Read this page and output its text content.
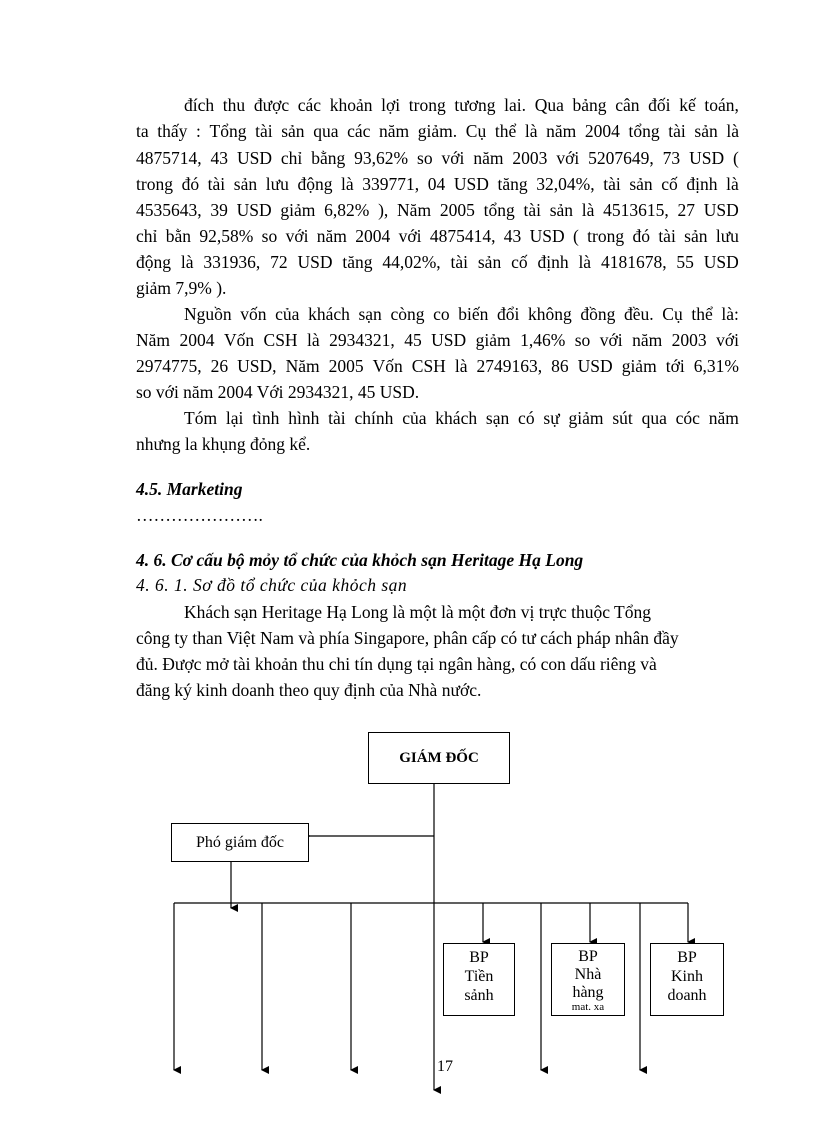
đích thu được các khoản lợi trong tương lai. Qua bảng cân đối kế toán,
ta thấy : Tổng tài sản qua các năm giảm. Cụ thể là năm 2004 tổng tài sản là
4875714, 43 USD chỉ bằng 93,62% so với năm 2003 với 5207649, 73 USD (
trong đó tài sản lưu động là 339771, 04 USD tăng 32,04%, tài sản cố định là
4535643, 39 USD giảm 6,82% ), Năm 2005 tổng tài sản là 4513615, 27 USD
chỉ bằn 92,58% so với năm 2004 với 4875414, 43 USD ( trong đó tài sản lưu
động là 331936, 72 USD tăng 44,02%, tài sản cố định là 4181678, 55 USD
giảm 7,9% ).
Nguồn vốn của khách sạn còng co biến đổi không đồng đều. Cụ thể là:
Năm 2004 Vốn CSH là 2934321, 45 USD giảm 1,46% so với năm 2003 với
2974775, 26 USD, Năm 2005 Vốn CSH là 2749163, 86 USD giảm tới 6,31%
so với năm 2004 Với 2934321, 45 USD.
Tóm lại tình hình tài chính của khách sạn có sự giảm sút qua cóc năm
nhưng la khụng đỏng kể.
4.5. Marketing
………………….
4. 6. Cơ cấu bộ mỏy tổ chức của khỏch sạn Heritage Hạ Long
4. 6. 1. Sơ đồ tổ chức của khỏch sạn
Khách sạn Heritage Hạ Long là một là một đơn vị trực thuộc Tổng
công ty than Việt Nam và phía Singapore, phân cấp có tư cách pháp nhân đầy
đủ. Được mở tài khoản thu chi tín dụng tại ngân hàng, có con dấu riêng và
đăng ký kinh doanh theo quy định của Nhà nước.
GIÁM ĐỐC
Phó giám đốc
BP
Tiền
sảnh
BP
Nhà
hàng
mat. xa
BP
Kinh
doanh
17
